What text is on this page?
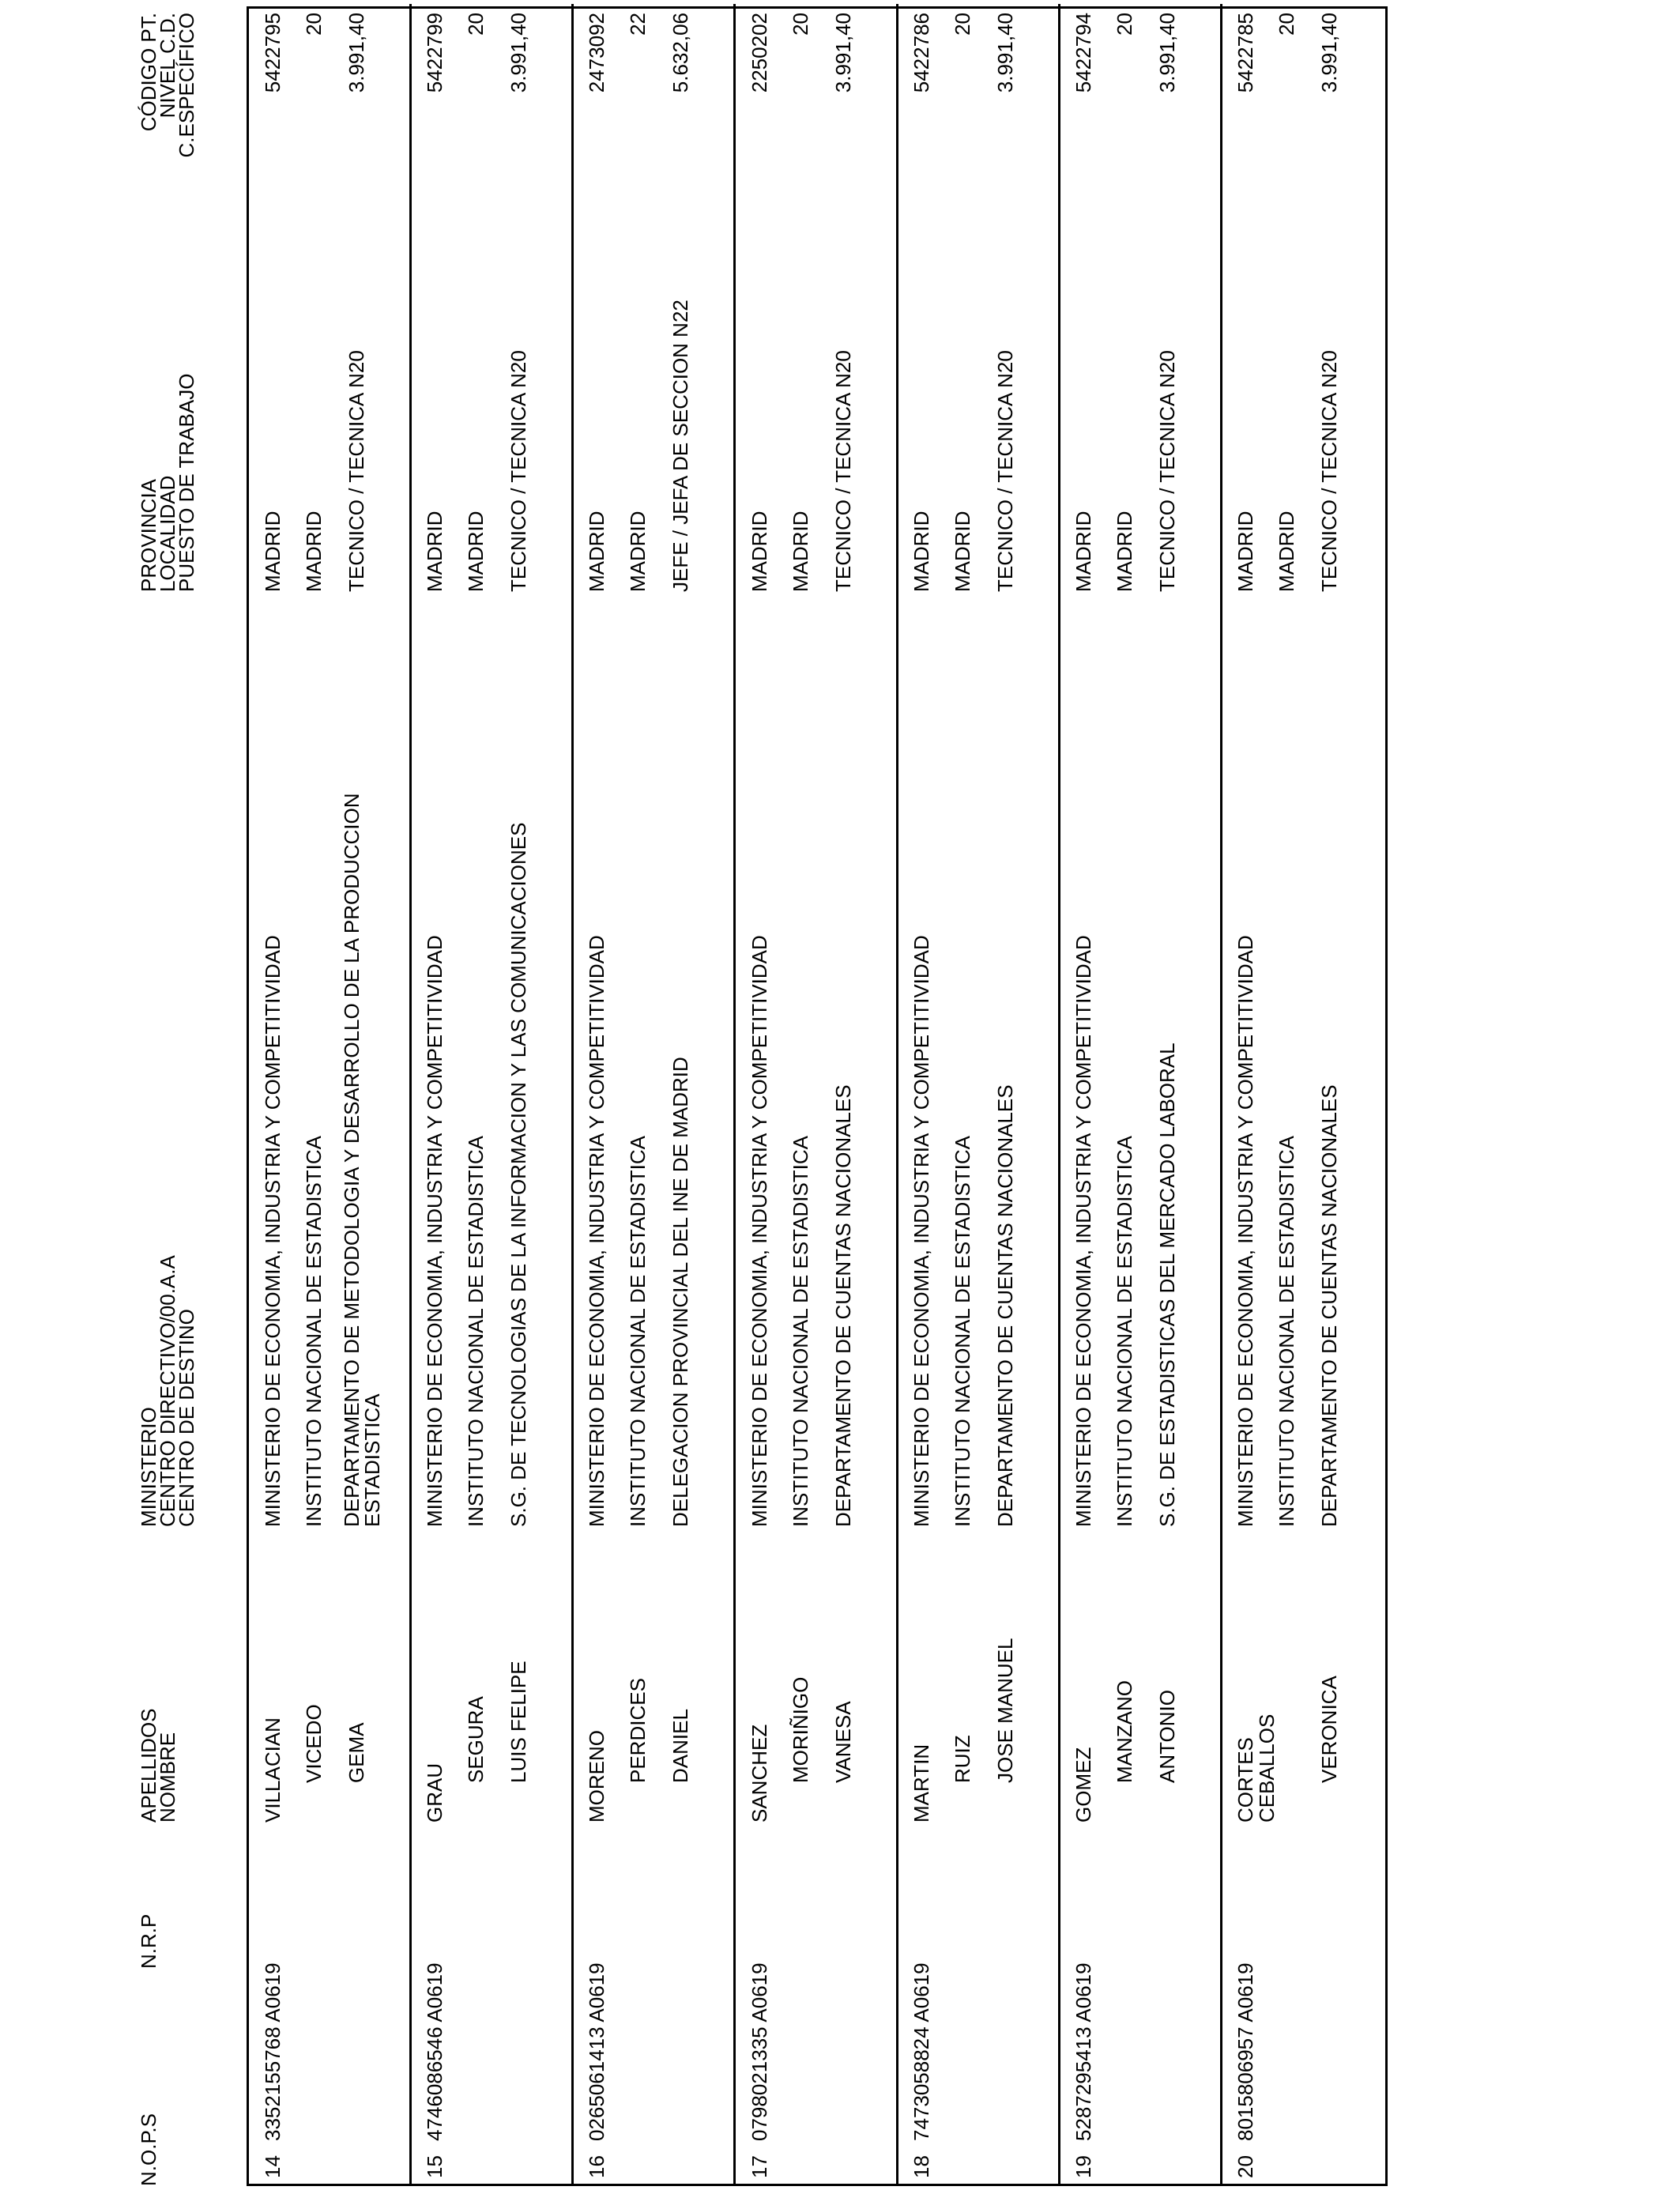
N.O.P.S
N.R.P
APELLIDOS
NOMBRE
MINISTERIO
CENTRO DIRECTIVO/00.A.A
CENTRO DE DESTINO
PROVINCIA
LOCALIDAD
PUESTO DE TRABAJO
CÓDIGO PT.
NIVEL C.D.
C.ESPECÍFICO
14
3352155768 A0619
VILLACIAN VICEDO GEMA
MINISTERIO DE ECONOMIA, INDUSTRIA Y COMPETITIVIDAD INSTITUTO NACIONAL DE ESTADISTICA DEPARTAMENTO DE METODOLOGIA Y DESARROLLO DE LA PRODUCCION
ESTADISTICA
MADRID MADRID TECNICO / TECNICA N20
5422795 20 3.991,40
15
4746086546 A0619
GRAU
SEGURA LUIS FELIPE
MINISTERIO DE ECONOMIA, INDUSTRIA Y COMPETITIVIDAD INSTITUTO NACIONAL DE ESTADISTICA S.G. DE TECNOLOGIAS DE LA INFORMACION Y LAS COMUNICACIONES
MADRID MADRID TECNICO / TECNICA N20
5422799 20 3.991,40
16
0265061413 A0619
MORENO PERDICES DANIEL
MINISTERIO DE ECONOMIA, INDUSTRIA Y COMPETITIVIDAD INSTITUTO NACIONAL DE ESTADISTICA DELEGACION PROVINCIAL DEL INE DE MADRID
MADRID MADRID JEFE / JEFA DE SECCION N22
2473092 22 5.632,06
17
0798021335 A0619
SANCHEZ MORIÑIGO VANESA
MINISTERIO DE ECONOMIA, INDUSTRIA Y COMPETITIVIDAD INSTITUTO NACIONAL DE ESTADISTICA DEPARTAMENTO DE CUENTAS NACIONALES
MADRID MADRID TECNICO / TECNICA N20
2250202 20 3.991,40
18
7473058824 A0619
MARTIN RUIZ JOSE MANUEL
MINISTERIO DE ECONOMIA, INDUSTRIA Y COMPETITIVIDAD INSTITUTO NACIONAL DE ESTADISTICA DEPARTAMENTO DE CUENTAS NACIONALES
MADRID MADRID TECNICO / TECNICA N20
5422786 20 3.991,40
19
5287295413 A0619
GOMEZ
MANZANO ANTONIO
MINISTERIO DE ECONOMIA, INDUSTRIA Y COMPETITIVIDAD INSTITUTO NACIONAL DE ESTADISTICA S.G. DE ESTADISTICAS DEL MERCADO LABORAL
MADRID MADRID TECNICO / TECNICA N20
5422794 20 3.991,40
20
8015806957 A0619
CORTES
CEBALLOS VERONICA
MINISTERIO DE ECONOMIA, INDUSTRIA Y COMPETITIVIDAD INSTITUTO NACIONAL DE ESTADISTICA DEPARTAMENTO DE CUENTAS NACIONALES
MADRID MADRID TECNICO / TECNICA N20
5422785 20 3.991,40
